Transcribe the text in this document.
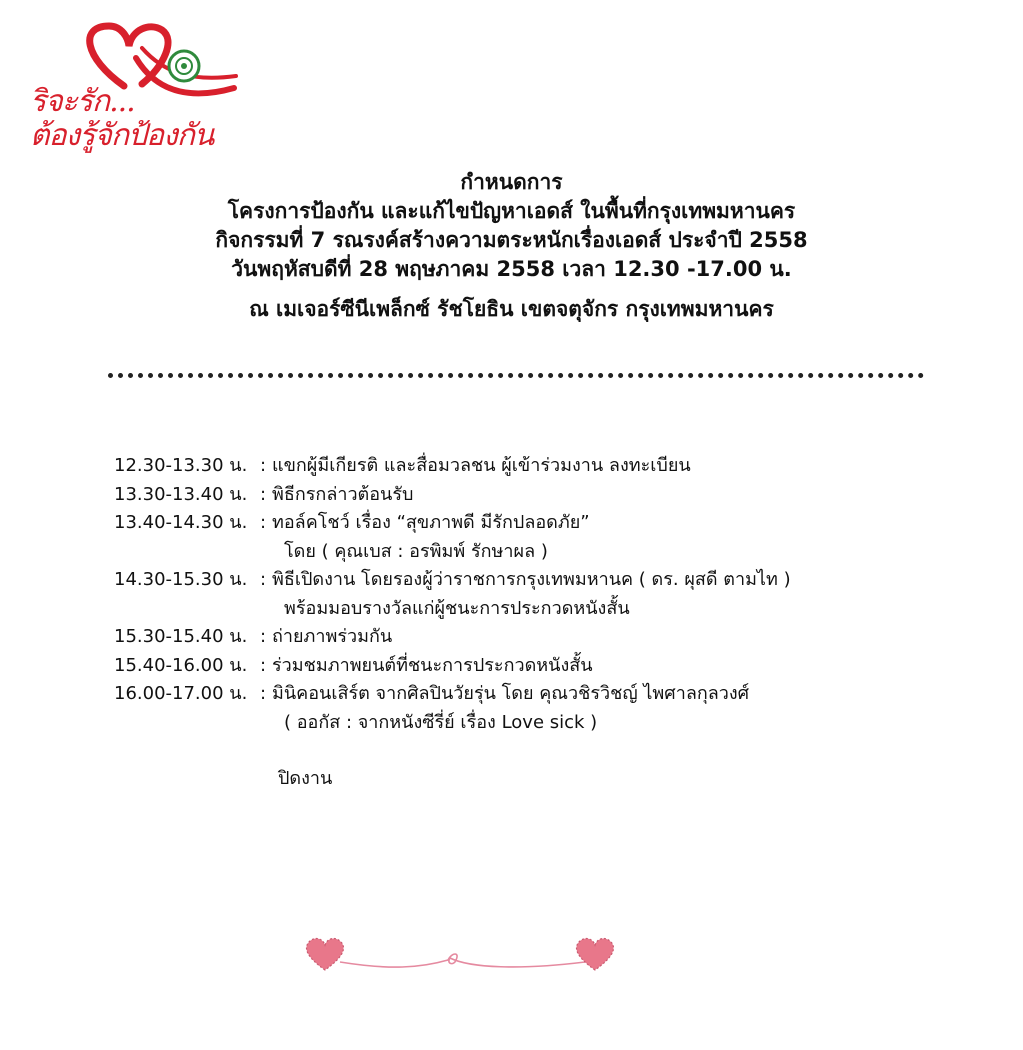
ริจะรัก...
ต้องรู้จักป้องกัน
กำหนดการ
โครงการป้องกัน และแก้ไขปัญหาเอดส์ ในพื้นที่กรุงเทพมหานคร
กิจกรรมที่ 7 รณรงค์สร้างความตระหนักเรื่องเอดส์ ประจำปี 2558
วันพฤหัสบดีที่ 28 พฤษภาคม 2558 เวลา 12.30 -17.00 น.
ณ เมเจอร์ซีนีเพล็กซ์ รัชโยธิน เขตจตุจักร กรุงเทพมหานคร
12.30-13.30 น. : แขกผู้มีเกียรติ และสื่อมวลชน ผู้เข้าร่วมงาน ลงทะเบียน
13.30-13.40 น. : พิธีกรกล่าวต้อนรับ
13.40-14.30 น. : ทอล์คโชว์ เรื่อง “สุขภาพดี มีรักปลอดภัย”
โดย ( คุณเบส : อรพิมพ์ รักษาผล )
14.30-15.30 น. : พิธีเปิดงาน โดยรองผู้ว่าราชการกรุงเทพมหานค ( ดร. ผุสดี ตามไท )
พร้อมมอบรางวัลแก่ผู้ชนะการประกวดหนังสั้น
15.30-15.40 น. : ถ่ายภาพร่วมกัน
15.40-16.00 น. : ร่วมชมภาพยนต์ที่ชนะการประกวดหนังสั้น
16.00-17.00 น. : มินิคอนเสิร์ต จากศิลปินวัยรุ่น โดย คุณวชิรวิชญ์ ไพศาลกุลวงศ์
( ออกัส : จากหนังซีรี่ย์ เรื่อง Love sick )
ปิดงาน
